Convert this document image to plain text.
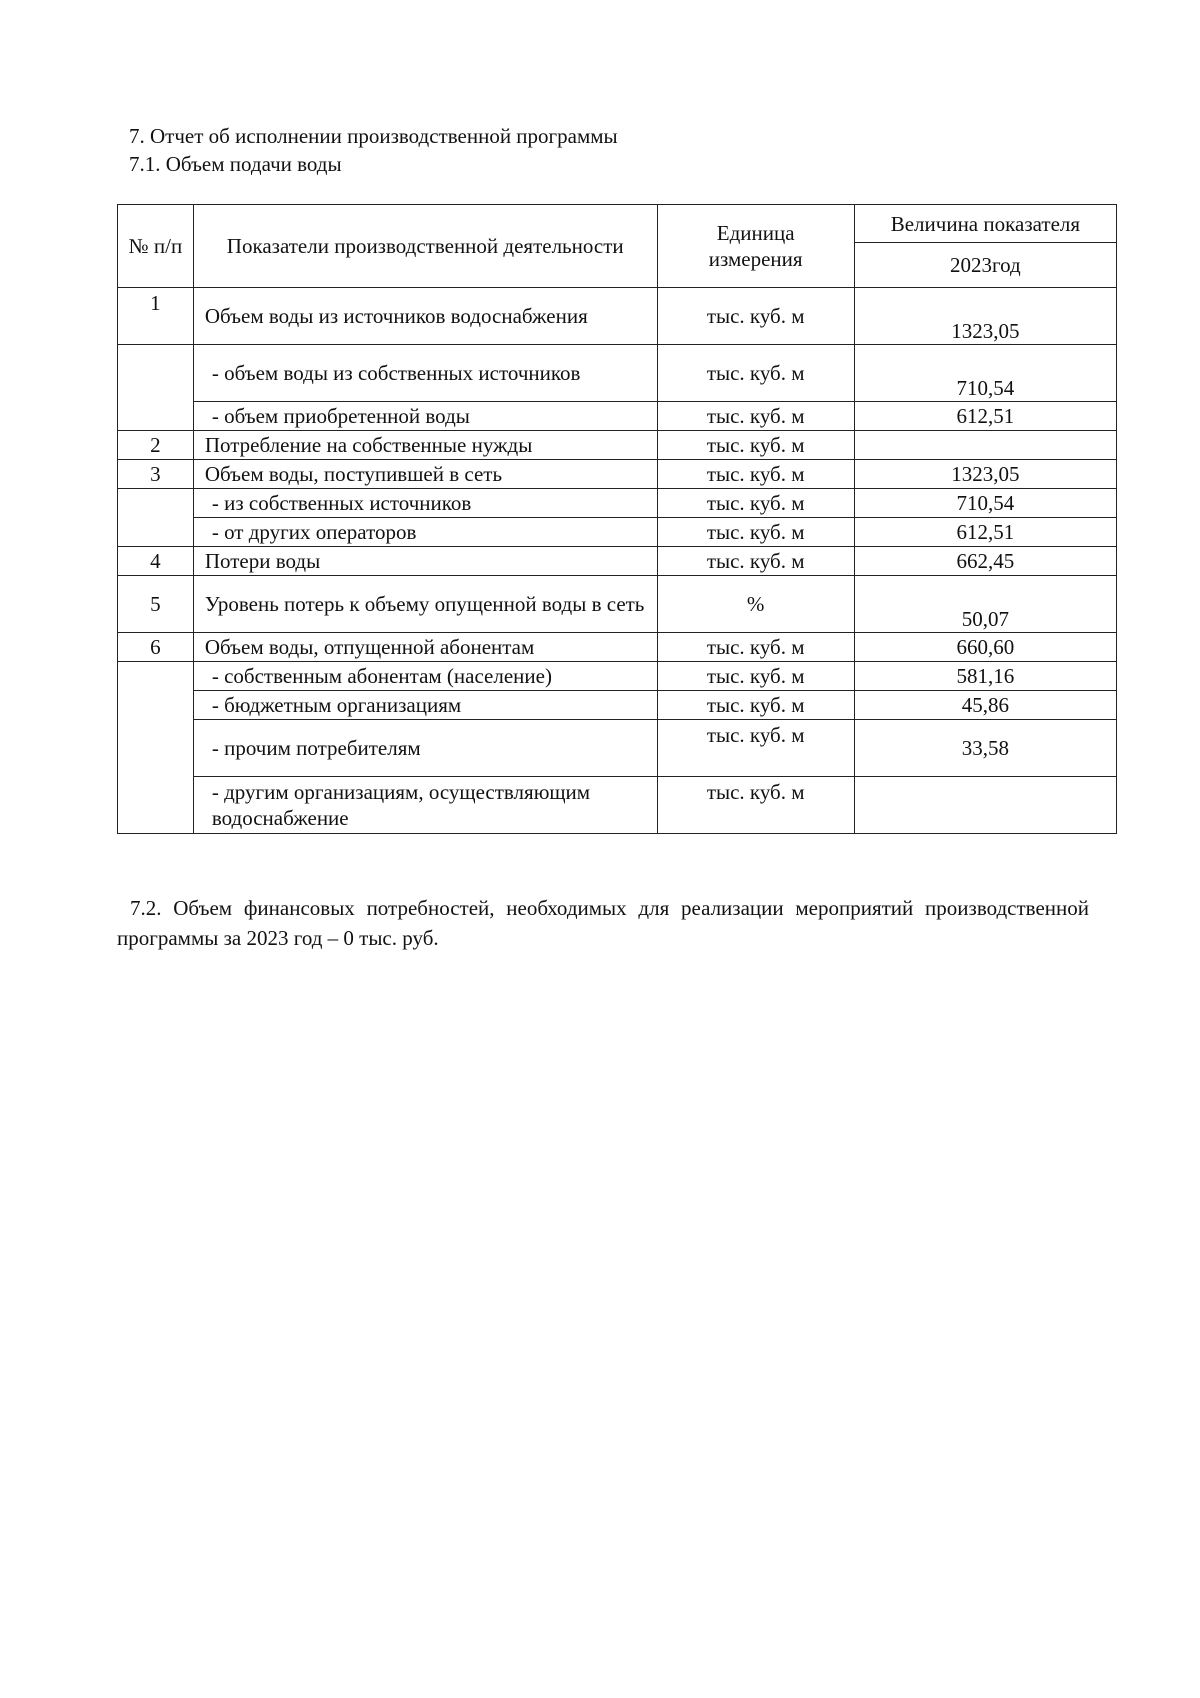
7. Отчет об исполнении производственной программы
7.1. Объем подачи воды
№ п/п	Показатели производственной деятельности	Единица измерения	Величина показателя
			2023год
1	Объем воды из источников водоснабжения	тыс. куб. м	1323,05
	- объем воды из собственных источников	тыс. куб. м	710,54
	- объем приобретенной воды	тыс. куб. м	612,51
2	Потребление на собственные нужды	тыс. куб. м	
3	Объем воды, поступившей в сеть	тыс. куб. м	1323,05
	- из собственных источников	тыс. куб. м	710,54
	- от других операторов	тыс. куб. м	612,51
4	Потери воды	тыс. куб. м	662,45
5	Уровень потерь к объему опущенной воды в сеть	%	50,07
6	Объем воды, отпущенной абонентам	тыс. куб. м	660,60
	- собственным абонентам (население)	тыс. куб. м	581,16
	- бюджетным организациям	тыс. куб. м	45,86
	- прочим потребителям	тыс. куб. м	33,58
	- другим организациям, осуществляющим водоснабжение	тыс. куб. м	
7.2. Объем финансовых потребностей, необходимых для реализации мероприятий производственной программы за 2023 год – 0 тыс. руб.
